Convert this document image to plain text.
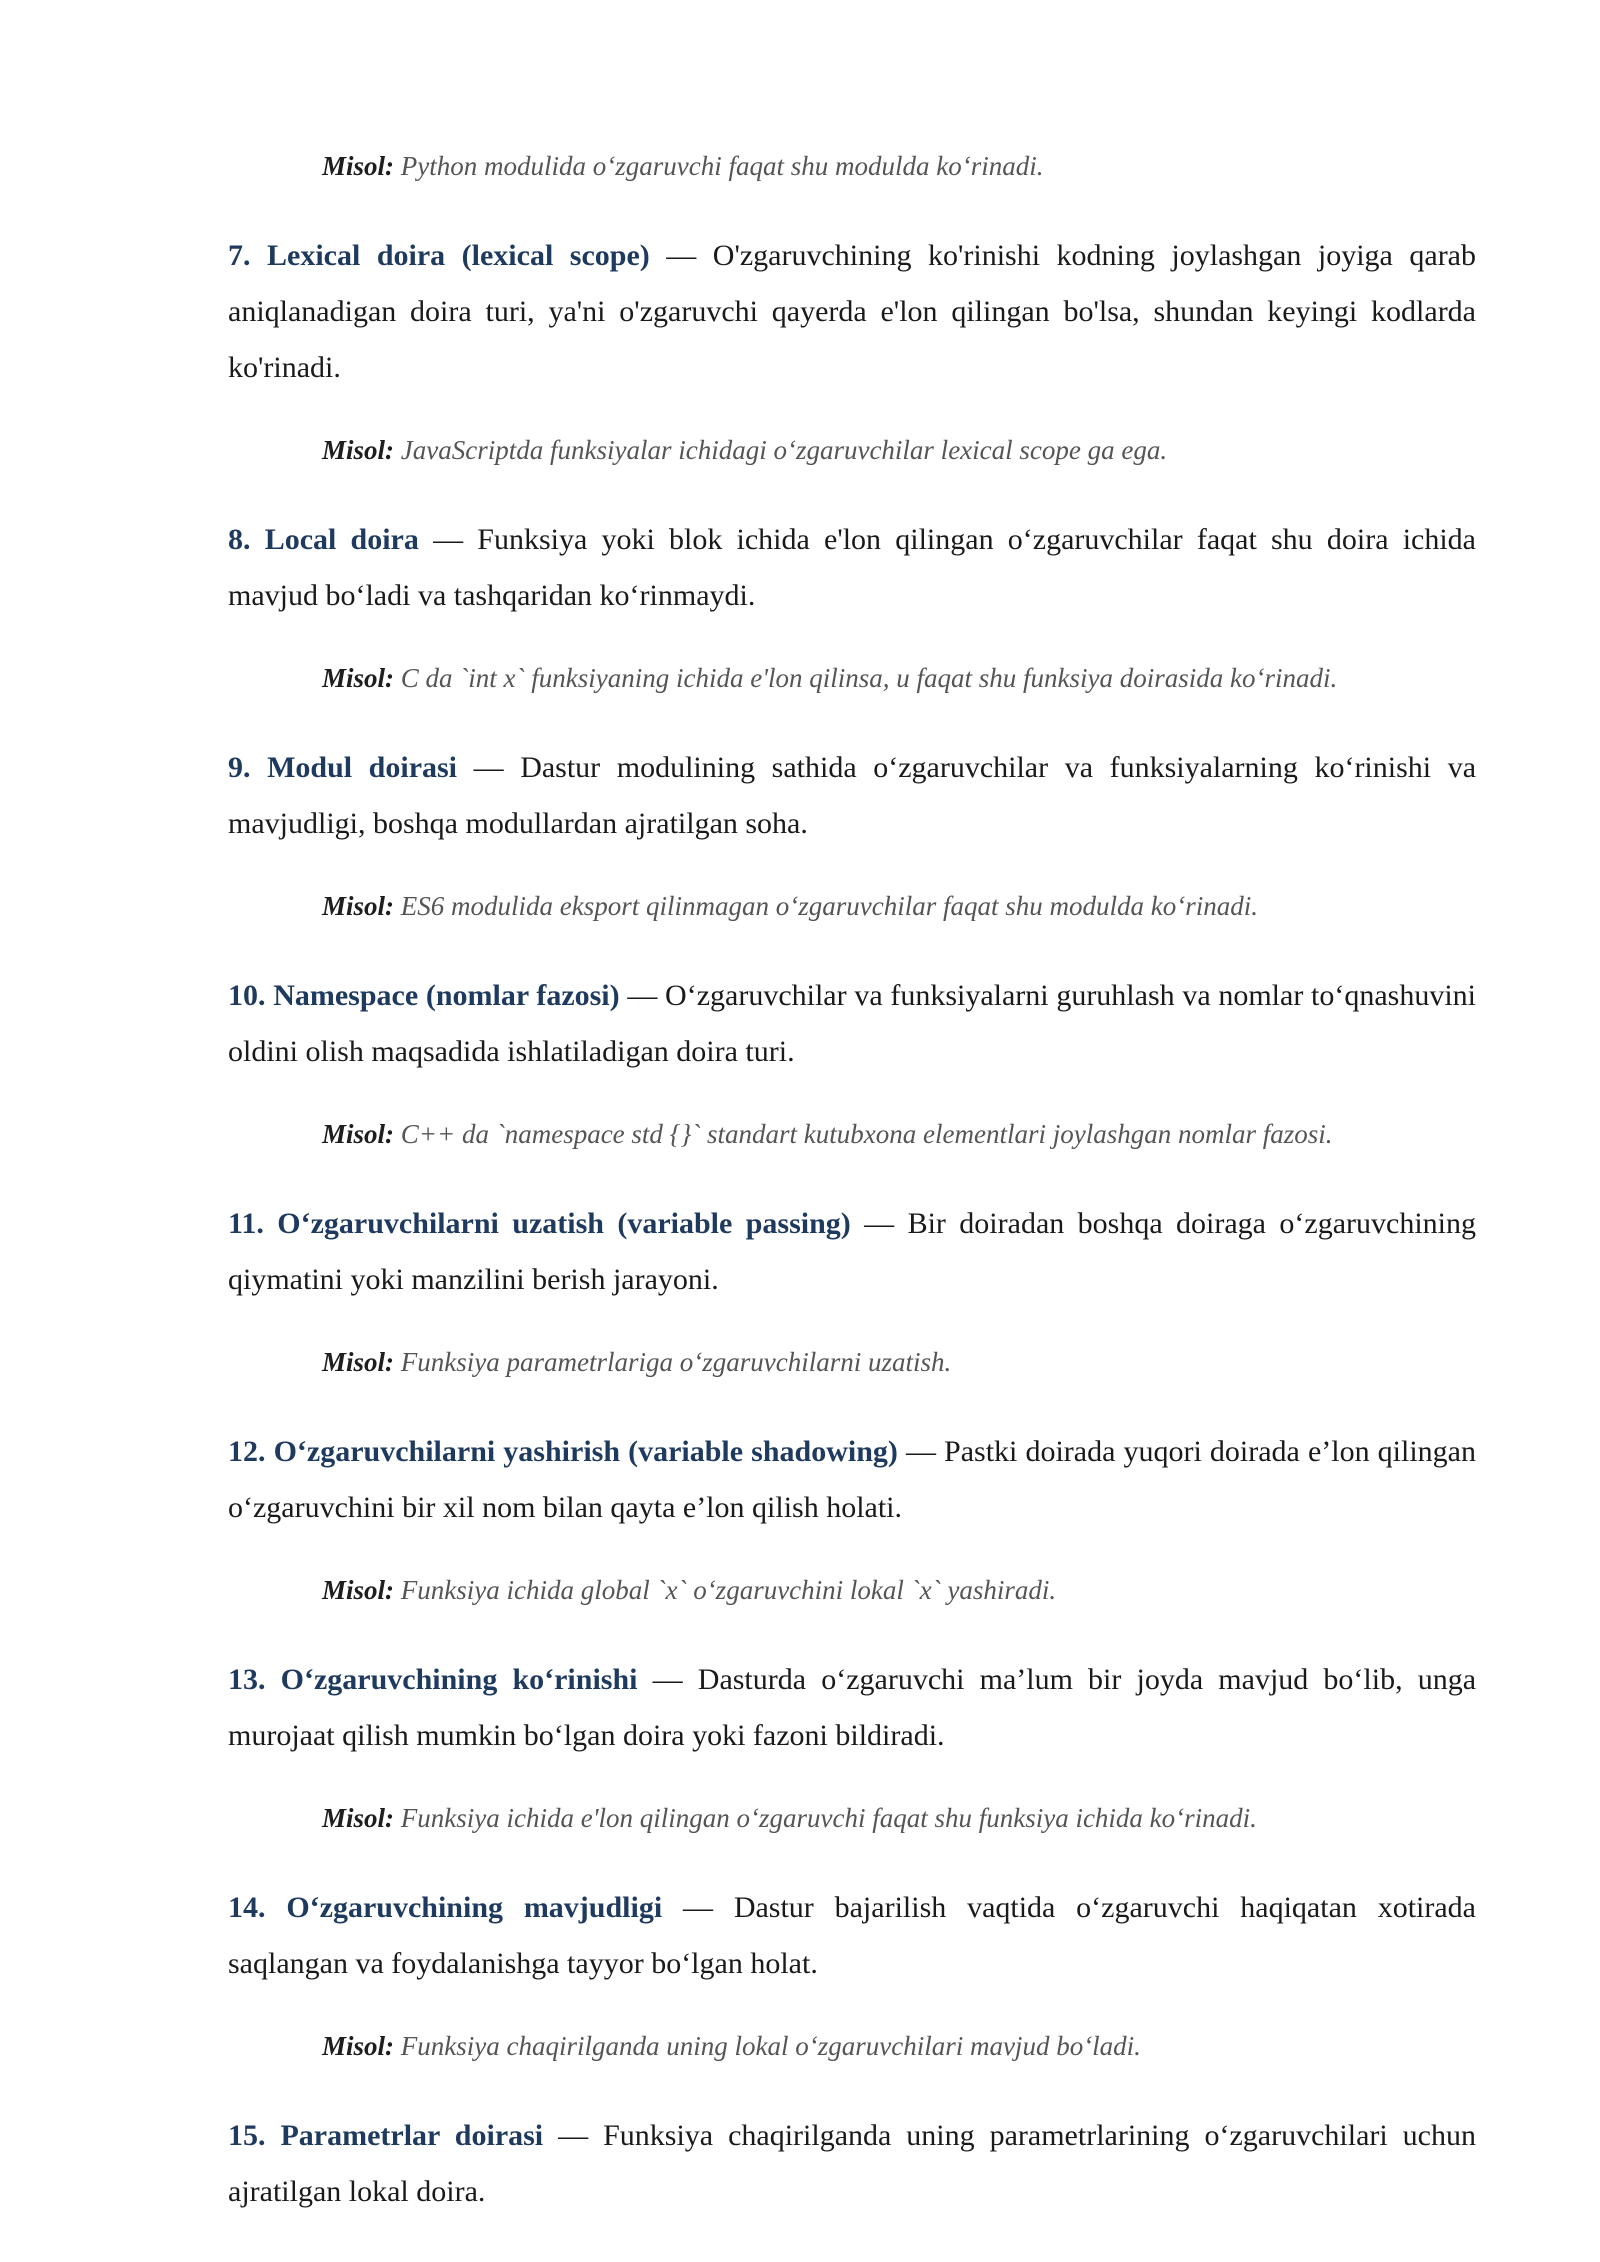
Misol: Python modulida o‘zgaruvchi faqat shu modulda ko‘rinadi.

7. Lexical doira (lexical scope) — O'zgaruvchining ko'rinishi kodning joylashgan joyiga qarab aniqlanadigan doira turi, ya'ni o'zgaruvchi qayerda e'lon qilingan bo'lsa, shundan keyingi kodlarda ko'rinadi.

Misol: JavaScriptda funksiyalar ichidagi o‘zgaruvchilar lexical scope ga ega.

8. Local doira — Funksiya yoki blok ichida e'lon qilingan o‘zgaruvchilar faqat shu doira ichida mavjud bo‘ladi va tashqaridan ko‘rinmaydi.

Misol: C da `int x` funksiyaning ichida e'lon qilinsa, u faqat shu funksiya doirasida ko‘rinadi.

9. Modul doirasi — Dastur modulining sathida o‘zgaruvchilar va funksiyalarning ko‘rinishi va mavjudligi, boshqa modullardan ajratilgan soha.

Misol: ES6 modulida eksport qilinmagan o‘zgaruvchilar faqat shu modulda ko‘rinadi.

10. Namespace (nomlar fazosi) — O‘zgaruvchilar va funksiyalarni guruhlash va nomlar to‘qnashuvini oldini olish maqsadida ishlatiladigan doira turi.

Misol: C++ da `namespace std {}` standart kutubxona elementlari joylashgan nomlar fazosi.

11. O‘zgaruvchilarni uzatish (variable passing) — Bir doiradan boshqa doiraga o‘zgaruvchining qiymatini yoki manzilini berish jarayoni.

Misol: Funksiya parametrlariga o‘zgaruvchilarni uzatish.

12. O‘zgaruvchilarni yashirish (variable shadowing) — Pastki doirada yuqori doirada e’lon qilingan o‘zgaruvchini bir xil nom bilan qayta e’lon qilish holati.

Misol: Funksiya ichida global `x` o‘zgaruvchini lokal `x` yashiradi.

13. O‘zgaruvchining ko‘rinishi — Dasturda o‘zgaruvchi ma’lum bir joyda mavjud bo‘lib, unga murojaat qilish mumkin bo‘lgan doira yoki fazoni bildiradi.

Misol: Funksiya ichida e'lon qilingan o‘zgaruvchi faqat shu funksiya ichida ko‘rinadi.

14. O‘zgaruvchining mavjudligi — Dastur bajarilish vaqtida o‘zgaruvchi haqiqatan xotirada saqlangan va foydalanishga tayyor bo‘lgan holat.

Misol: Funksiya chaqirilganda uning lokal o‘zgaruvchilari mavjud bo‘ladi.

15. Parametrlar doirasi — Funksiya chaqirilganda uning parametrlarining o‘zgaruvchilari uchun ajratilgan lokal doira.
